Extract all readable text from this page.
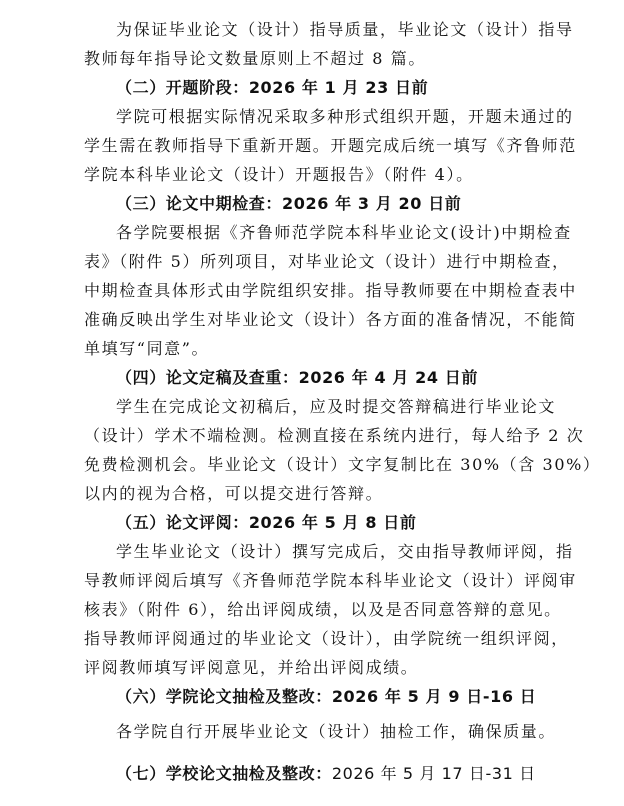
为保证毕业论文（设计）指导质量，毕业论文（设计）指导
教师每年指导论文数量原则上不超过 8 篇。
（二）开题阶段：2026 年 1 月 23 日前
学院可根据实际情况采取多种形式组织开题，开题未通过的
学生需在教师指导下重新开题。开题完成后统一填写《齐鲁师范
学院本科毕业论文（设计）开题报告》（附件 4）。
（三）论文中期检查：2026 年 3 月 20 日前
各学院要根据《齐鲁师范学院本科毕业论文(设计)中期检查
表》（附件 5）所列项目，对毕业论文（设计）进行中期检查，
中期检查具体形式由学院组织安排。指导教师要在中期检查表中
准确反映出学生对毕业论文（设计）各方面的准备情况，不能简
单填写“同意”。
（四）论文定稿及查重：2026 年 4 月 24 日前
学生在完成论文初稿后，应及时提交答辩稿进行毕业论文
（设计）学术不端检测。检测直接在系统内进行，每人给予 2 次
免费检测机会。毕业论文（设计）文字复制比在 30%（含 30%）
以内的视为合格，可以提交进行答辩。
（五）论文评阅：2026 年 5 月 8 日前
学生毕业论文（设计）撰写完成后，交由指导教师评阅，指
导教师评阅后填写《齐鲁师范学院本科毕业论文（设计）评阅审
核表》（附件 6），给出评阅成绩，以及是否同意答辩的意见。
指导教师评阅通过的毕业论文（设计），由学院统一组织评阅，
评阅教师填写评阅意见，并给出评阅成绩。
（六）学院论文抽检及整改：2026 年 5 月 9 日-16 日
各学院自行开展毕业论文（设计）抽检工作，确保质量。
（七）学校论文抽检及整改：2026 年 5 月 17 日-31 日
